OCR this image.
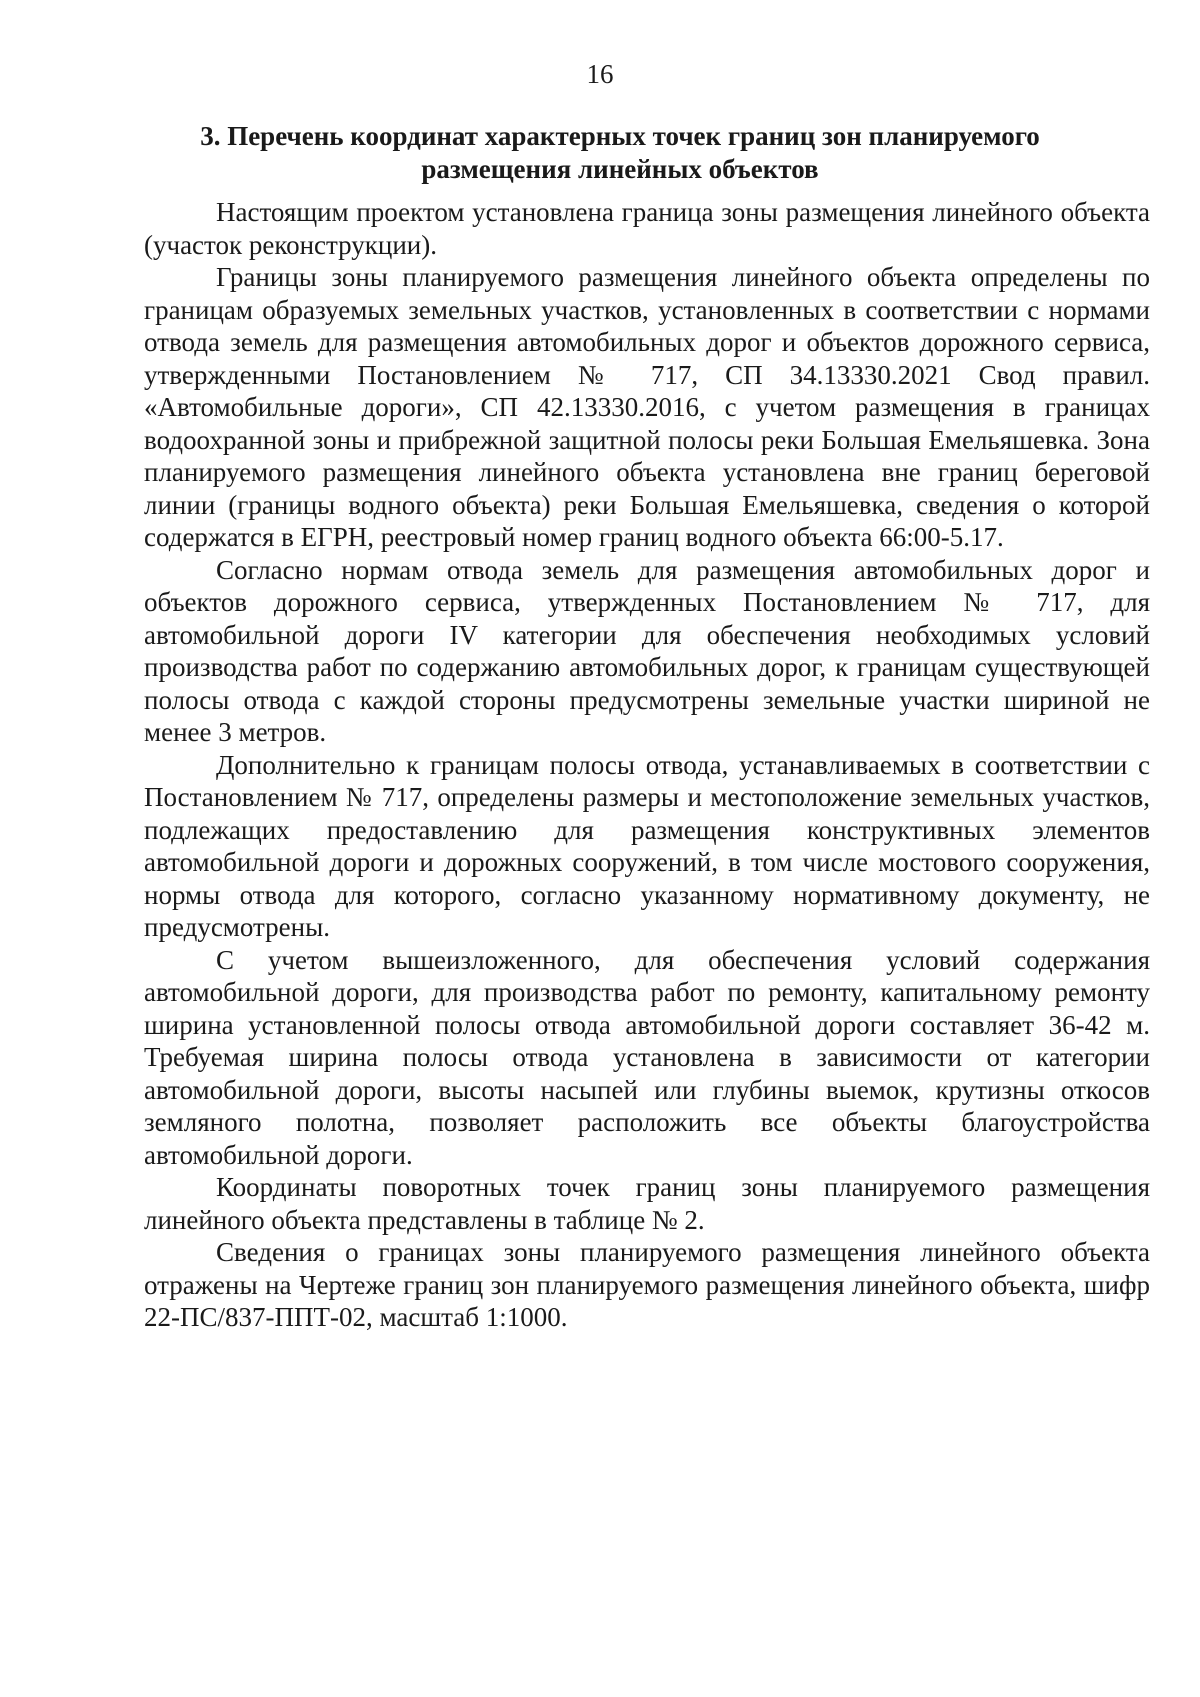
16
3. Перечень координат характерных точек границ зон планируемого размещения линейных объектов

Настоящим проектом установлена граница зоны размещения линейного объекта (участок реконструкции).

Границы зоны планируемого размещения линейного объекта определены по границам образуемых земельных участков, установленных в соответствии с нормами отвода земель для размещения автомобильных дорог и объектов дорожного сервиса, утвержденными Постановлением № 717, СП 34.13330.2021 Свод правил. «Автомобильные дороги», СП 42.13330.2016, с учетом размещения в границах водоохранной зоны и прибрежной защитной полосы реки Большая Емельяшевка. Зона планируемого размещения линейного объекта установлена вне границ береговой линии (границы водного объекта) реки Большая Емельяшевка, сведения о которой содержатся в ЕГРН, реестровый номер границ водного объекта 66:00-5.17.

Согласно нормам отвода земель для размещения автомобильных дорог и объектов дорожного сервиса, утвержденных Постановлением № 717, для автомобильной дороги IV категории для обеспечения необходимых условий производства работ по содержанию автомобильных дорог, к границам существующей полосы отвода с каждой стороны предусмотрены земельные участки шириной не менее 3 метров.

Дополнительно к границам полосы отвода, устанавливаемых в соответствии с Постановлением № 717, определены размеры и местоположение земельных участков, подлежащих предоставлению для размещения конструктивных элементов автомобильной дороги и дорожных сооружений, в том числе мостового сооружения, нормы отвода для которого, согласно указанному нормативному документу, не предусмотрены.

С учетом вышеизложенного, для обеспечения условий содержания автомобильной дороги, для производства работ по ремонту, капитальному ремонту ширина установленной полосы отвода автомобильной дороги составляет 36-42 м. Требуемая ширина полосы отвода установлена в зависимости от категории автомобильной дороги, высоты насыпей или глубины выемок, крутизны откосов земляного полотна, позволяет расположить все объекты благоустройства автомобильной дороги.

Координаты поворотных точек границ зоны планируемого размещения линейного объекта представлены в таблице № 2.

Сведения о границах зоны планируемого размещения линейного объекта отражены на Чертеже границ зон планируемого размещения линейного объекта, шифр 22-ПС/837-ППТ-02, масштаб 1:1000.
